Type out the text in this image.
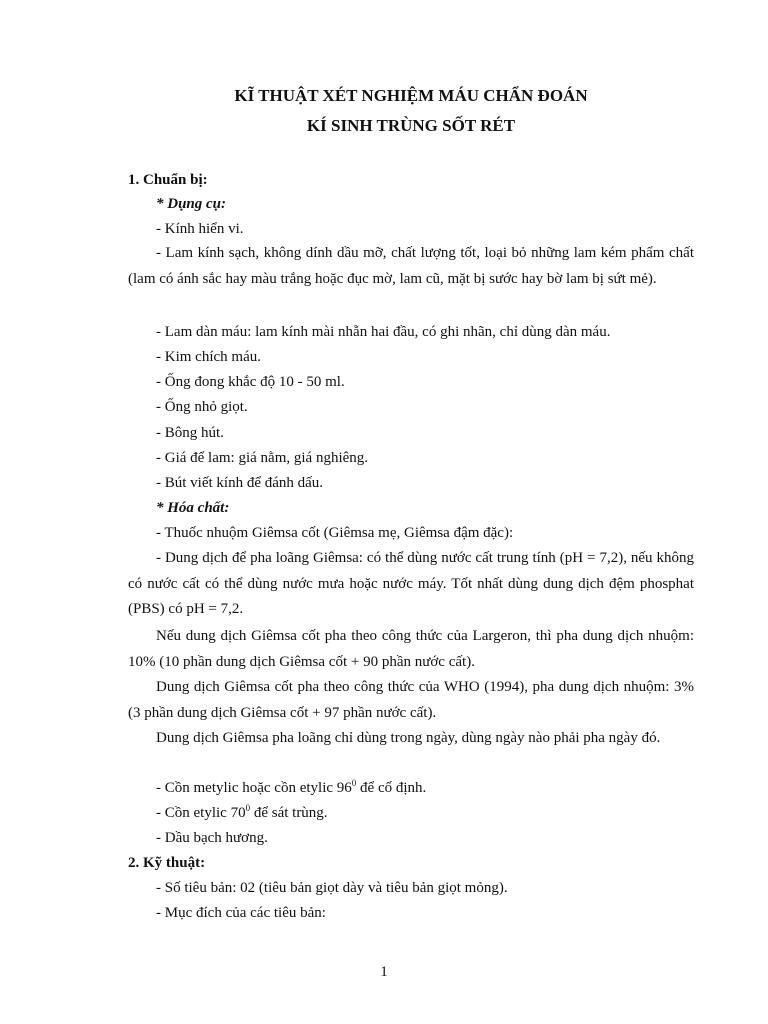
KĨ THUẬT XÉT NGHIỆM MÁU CHẨN ĐOÁN
KÍ SINH TRÙNG SỐT RÉT
1. Chuẩn bị:
* Dụng cụ:
- Kính hiển vi.
- Lam kính sạch, không dính dầu mỡ, chất lượng tốt, loại bỏ những lam kém phẩm chất (lam có ánh sắc hay màu trắng hoặc đục mờ, lam cũ, mặt bị sước hay bờ lam bị sứt mẻ).
- Lam dàn máu: lam kính mài nhẵn hai đầu, có ghi nhãn, chỉ dùng dàn máu.
- Kim chích máu.
- Ống đong khắc độ 10 - 50 ml.
- Ống nhỏ giọt.
- Bông hút.
- Giá để lam: giá nằm, giá nghiêng.
- Bút viết kính để đánh dấu.
* Hóa chất:
- Thuốc nhuộm Giêmsa cốt (Giêmsa mẹ, Giêmsa đậm đặc):
- Dung dịch để pha loãng Giêmsa: có thể dùng nước cất trung tính (pH = 7,2), nếu không có nước cất có thể dùng nước mưa hoặc nước máy. Tốt nhất dùng dung dịch đệm phosphat (PBS) có pH = 7,2.
Nếu dung dịch Giêmsa cốt pha theo công thức của Largeron, thì pha dung dịch nhuộm: 10% (10 phần dung dịch Giêmsa cốt + 90 phần nước cất).
Dung dịch Giêmsa cốt pha theo công thức của WHO (1994), pha dung dịch nhuộm: 3% (3 phần dung dịch Giêmsa cốt + 97 phần nước cất).
Dung dịch Giêmsa pha loãng chỉ dùng trong ngày, dùng ngày nào phải pha ngày đó.
- Cồn metylic hoặc cồn etylic $96^0$ để cố định.
- Cồn etylic $70^0$ để sát trùng.
- Dầu bạch hương.
2. Kỹ thuật:
- Số tiêu bản: 02 (tiêu bản giọt dày và tiêu bản giọt mỏng).
- Mục đích của các tiêu bản:
1
